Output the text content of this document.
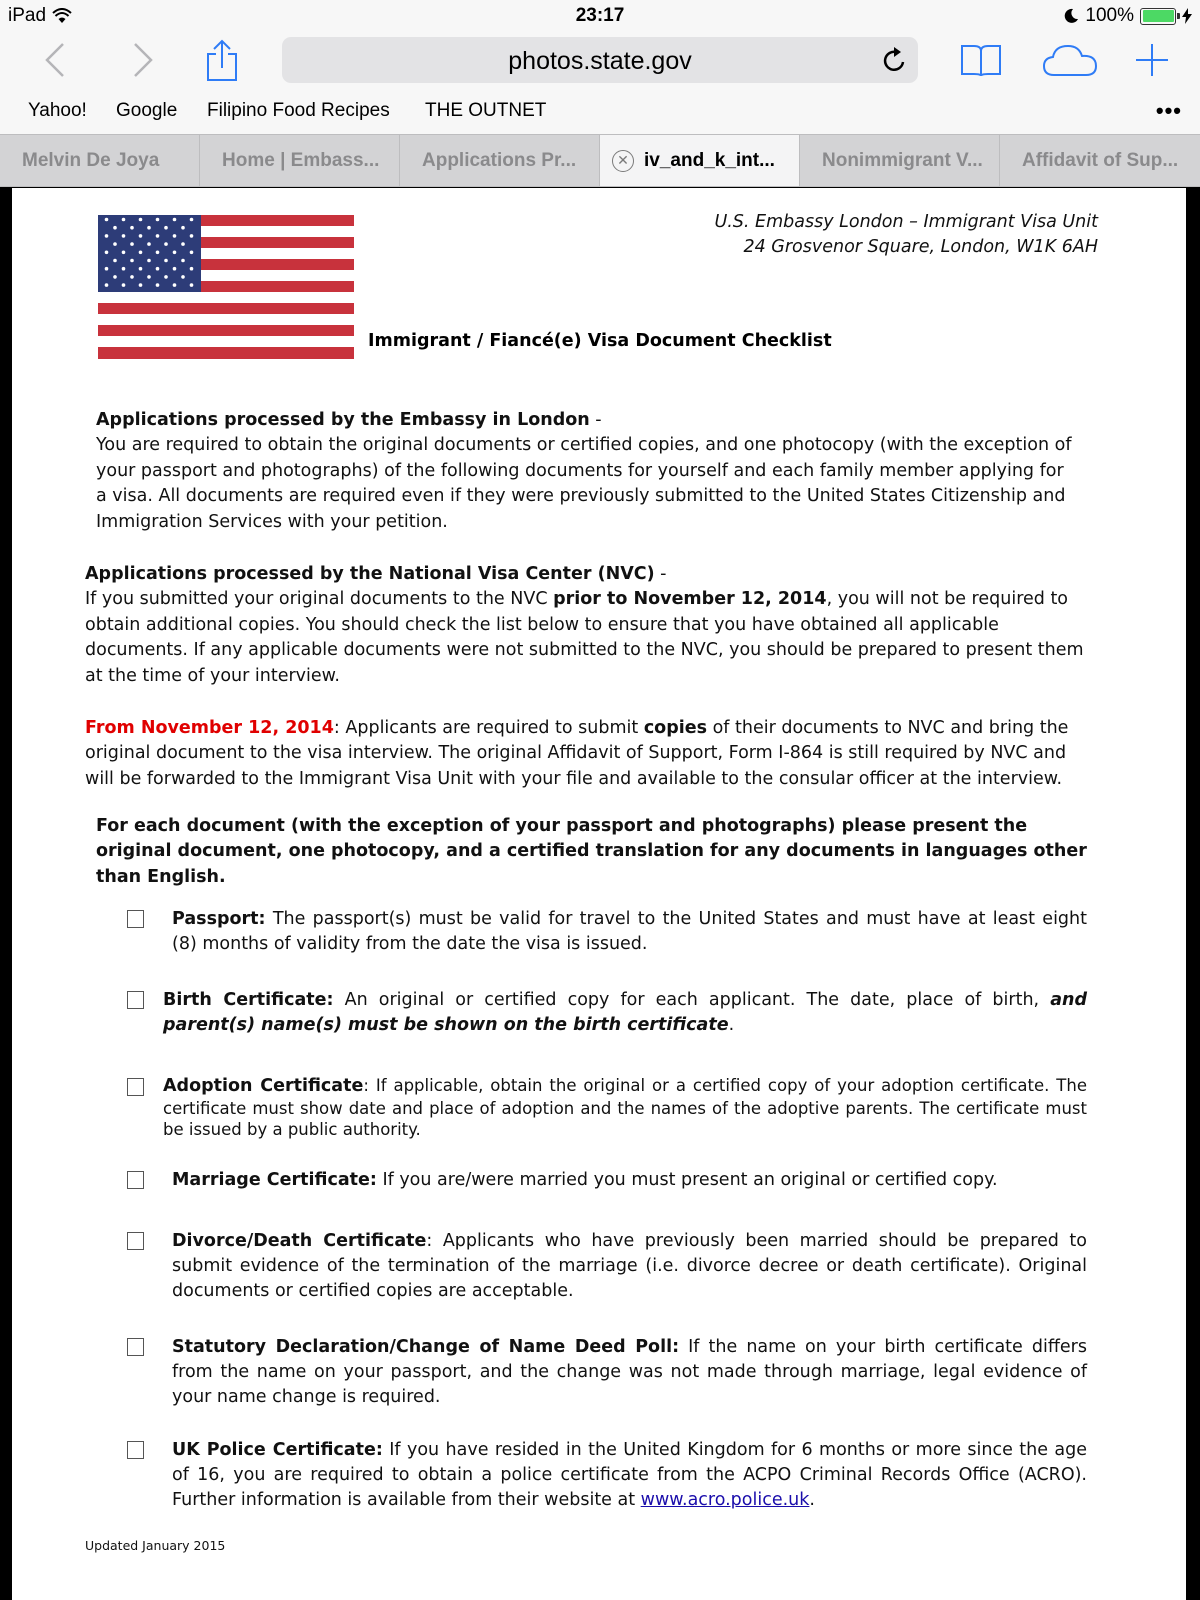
iPad	23:17	100%
photos.state.gov
Yahoo! Google Filipino Food Recipes THE OUTNET	•••
Melvin De Joya	Home | Embass... Applications Pr...	✕ iv_and_k_int... Nonimmigrant V... Affidavit of Sup...
U.S. Embassy London – Immigrant Visa Unit
24 Grosvenor Square, London, W1K 6AH
Immigrant / Fiancé(e) Visa Document Checklist
Applications processed by the Embassy in London -
You are required to obtain the original documents or certified copies, and one photocopy (with the exception of your passport and photographs) of the following documents for yourself and each family member applying for a visa. All documents are required even if they were previously submitted to the United States Citizenship and Immigration Services with your petition.
Applications processed by the National Visa Center (NVC) -
If you submitted your original documents to the NVC prior to November 12, 2014, you will not be required to obtain additional copies. You should check the list below to ensure that you have obtained all applicable documents. If any applicable documents were not submitted to the NVC, you should be prepared to present them at the time of your interview.
From November 12, 2014: Applicants are required to submit copies of their documents to NVC and bring the original document to the visa interview. The original Affidavit of Support, Form I-864 is still required by NVC and will be forwarded to the Immigrant Visa Unit with your file and available to the consular officer at the interview.
For each document (with the exception of your passport and photographs) please present the original document, one photocopy, and a certified translation for any documents in languages other than English.
Passport: The passport(s) must be valid for travel to the United States and must have at least eight (8) months of validity from the date the visa is issued.
Birth Certificate: An original or certified copy for each applicant. The date, place of birth, and parent(s) name(s) must be shown on the birth certificate.
Adoption Certificate: If applicable, obtain the original or a certified copy of your adoption certificate. The certificate must show date and place of adoption and the names of the adoptive parents. The certificate must be issued by a public authority.
Marriage Certificate: If you are/were married you must present an original or certified copy.
Divorce/Death Certificate: Applicants who have previously been married should be prepared to submit evidence of the termination of the marriage (i.e. divorce decree or death certificate). Original documents or certified copies are acceptable.
Statutory Declaration/Change of Name Deed Poll: If the name on your birth certificate differs from the name on your passport, and the change was not made through marriage, legal evidence of your name change is required.
UK Police Certificate: If you have resided in the United Kingdom for 6 months or more since the age of 16, you are required to obtain a police certificate from the ACPO Criminal Records Office (ACRO). Further information is available from their website at www.acro.police.uk.
Updated January 2015
